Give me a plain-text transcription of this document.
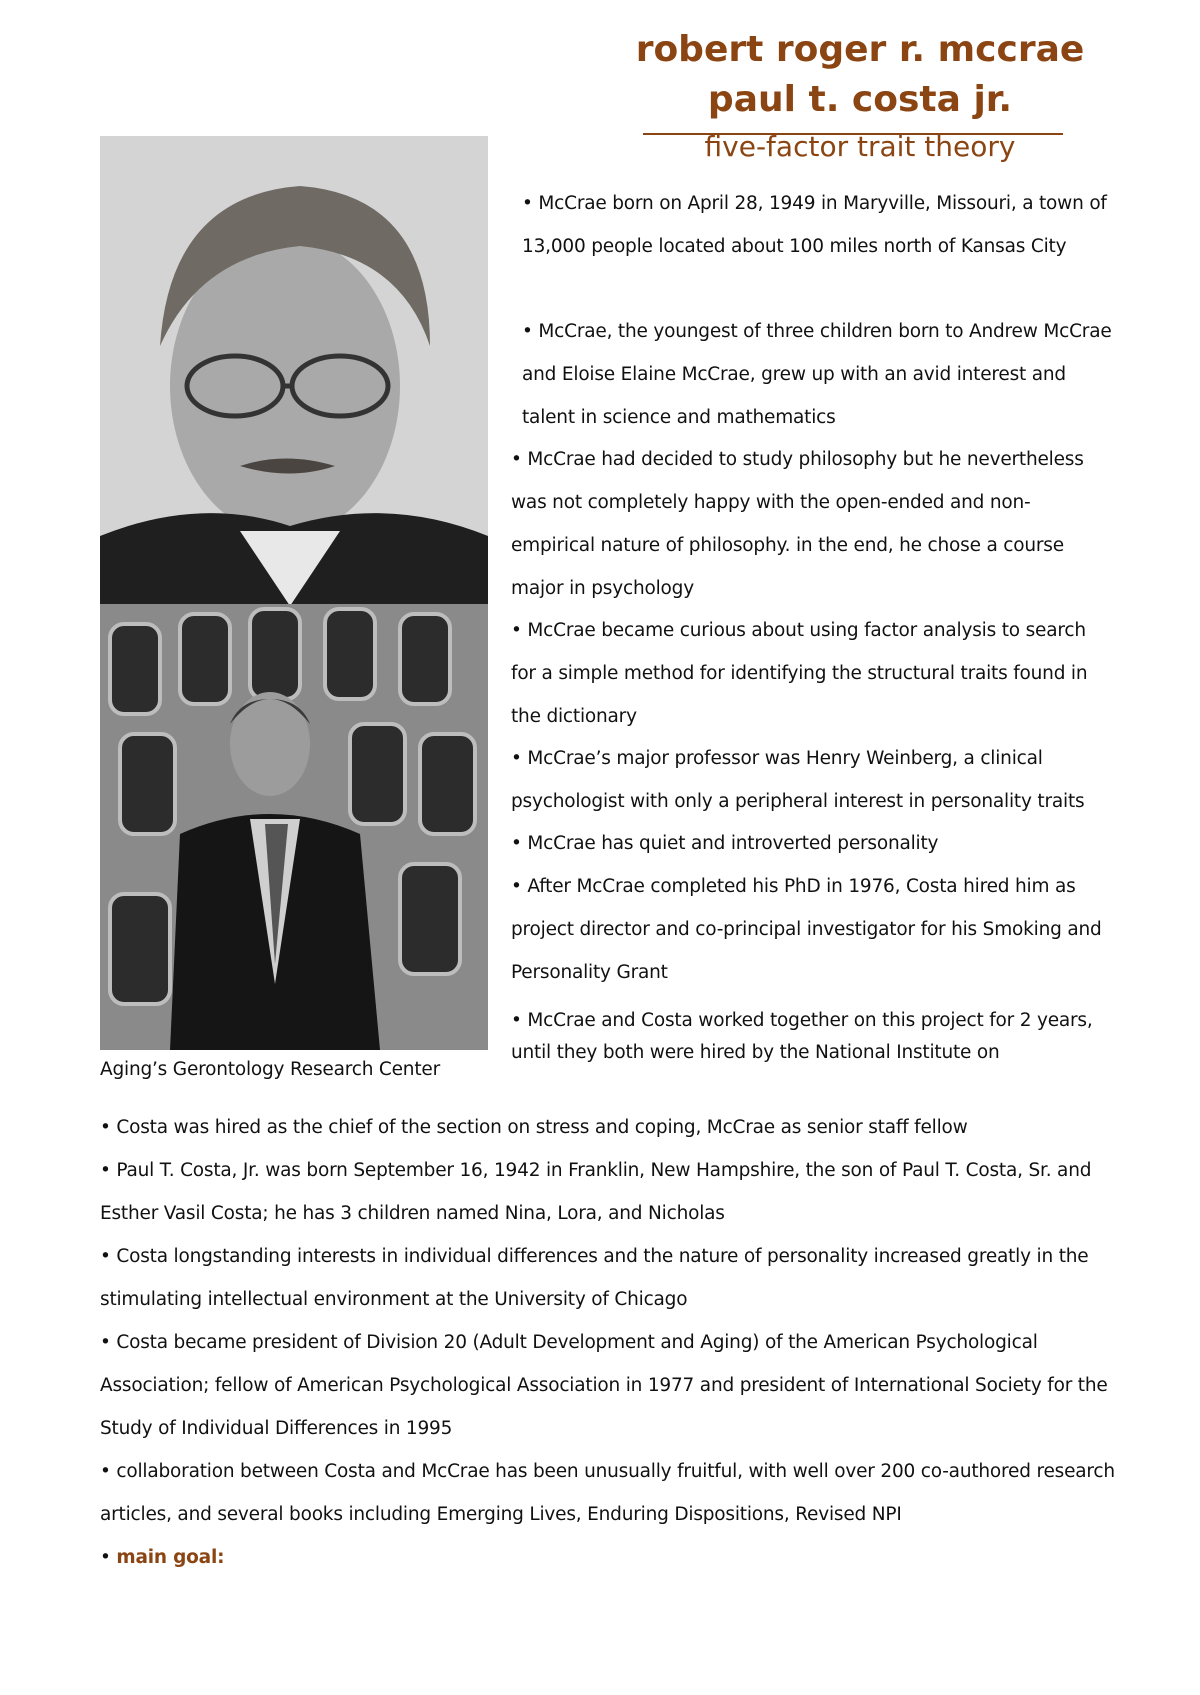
robert roger r. mccrae
paul t. costa jr.
five-factor trait theory
• McCrae born on April 28, 1949 in Maryville, Missouri, a town of 13,000 people located about 100 miles north of Kansas City
• McCrae, the youngest of three children born to Andrew McCrae and Eloise Elaine McCrae, grew up with an avid interest and talent in science and mathematics
• McCrae had decided to study philosophy but he nevertheless was not completely happy with the open-ended and non-empirical nature of philosophy. in the end, he chose a course major in psychology
• McCrae became curious about using factor analysis to search for a simple method for identifying the structural traits found in the dictionary
• McCrae’s major professor was Henry Weinberg, a clinical psychologist with only a peripheral interest in personality traits
• McCrae has quiet and introverted personality
• After McCrae completed his PhD in 1976, Costa hired him as project director and co-principal investigator for his Smoking and Personality Grant
• McCrae and Costa worked together on this project for 2 years, until they both were hired by the National Institute on
Aging’s Gerontology Research Center
• Costa was hired as the chief of the section on stress and coping, McCrae as senior staff fellow
• Paul T. Costa, Jr. was born September 16, 1942 in Franklin, New Hampshire, the son of Paul T. Costa, Sr. and Esther Vasil Costa; he has 3 children named Nina, Lora, and Nicholas
• Costa longstanding interests in individual differences and the nature of personality increased greatly in the stimulating intellectual environment at the University of Chicago
• Costa became president of Division 20 (Adult Development and Aging) of the American Psychological Association; fellow of American Psychological Association in 1977 and president of International Society for the Study of Individual Differences in 1995
• collaboration between Costa and McCrae has been unusually fruitful, with well over 200 co-authored research articles, and several books including Emerging Lives, Enduring Dispositions, Revised NPI
• main goal:
